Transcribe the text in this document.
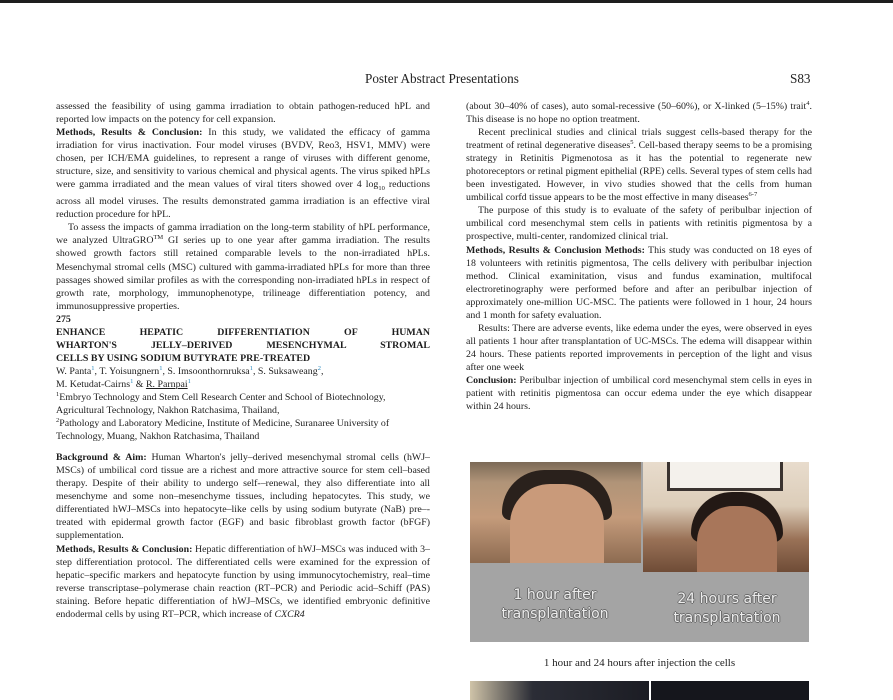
Poster Abstract Presentations	S83

assessed the feasibility of using gamma irradiation to obtain pathogen-reduced hPL and reported low impacts on the potency for cell expansion.

Methods, Results & Conclusion: In this study, we validated the efficacy of gamma irradiation for virus inactivation. Four model viruses (BVDV, Reo3, HSV1, MMV) were chosen, per ICH/EMA guidelines, to represent a range of viruses with different genome, structure, size, and sensitivity to various chemical and physical agents. The virus spiked hPLs were gamma irradiated and the mean values of viral titers showed over 4 $\log_{10}$ reductions across all model viruses. The results demonstrated gamma irradiation is an effective viral reduction procedure for hPL.

To assess the impacts of gamma irradiation on the long-term stability of hPL performance, we analyzed UltraGRO™ GI series up to one year after gamma irradiation. The results showed growth factors still retained comparable levels to the non-irradiated hPLs. Mesenchymal stromal cells (MSC) cultured with gamma-irradiated hPLs for more than three passages showed similar profiles as with the corresponding non-irradiated hPLs in respect of growth rate, morphology, immunophenotype, trilineage differentiation potency, and immunosuppressive properties.

275

ENHANCE HEPATIC DIFFERENTIATION OF HUMAN

WHARTON'S JELLY–DERIVED MESENCHYMAL STROMAL

CELLS BY USING SODIUM BUTYRATE PRE-TREATED

W. Panta$^1$, T. Yoisungnern$^1$, S. Imsoonthornruksa$^1$, S. Suksaweang$^2$,
M. Ketudat-Cairns$^1$ & R. Parnpai$^1$

$^1$Embryo Technology and Stem Cell Research Center and School of Biotechnology, Agricultural Technology, Nakhon Ratchasima, Thailand,

$^2$Pathology and Laboratory Medicine, Institute of Medicine, Suranaree University of Technology, Muang, Nakhon Ratchasima, Thailand

Background & Aim: Human Wharton's jelly–derived mesenchymal stromal cells (hWJ–MSCs) of umbilical cord tissue are a richest and more attractive source for stem cell–based therapy. Despite of their ability to undergo self-–renewal, they also differentiate into all mesenchyme and some non–mesenchyme tissues, including hepatocytes. This study, we differentiated hWJ–MSCs into hepatocyte–like cells by using sodium butyrate (NaB) pre–-treated with epidermal growth factor (EGF) and basic fibroblast growth factor (bFGF) supplementation.

Methods, Results & Conclusion: Hepatic differentiation of hWJ–MSCs was induced with 3–step differentiation protocol. The differentiated cells were examined for the expression of hepatic–specific markers and hepatocyte function by using immunocytochemistry, real–time reverse transcriptase–polymerase chain reaction (RT–PCR) and Periodic acid–Schiff (PAS) staining. Before hepatic differentiation of hWJ–MSCs, we identified embryonic definitive endodermal cells by using RT–PCR, which increase of CXCR4

(about 30–40% of cases), auto somal-recessive (50–60%), or X-linked (5–15%) trait$^4$. This disease is no hope no option treatment.

Recent preclinical studies and clinical trials suggest cells-based therapy for the treatment of retinal degenerative diseases$^5$. Cell-based therapy seems to be a promising strategy in Retinitis Pigmenotosa as it has the potential to regenerate new photoreceptors or retinal pigment epithelial (RPE) cells. Several types of stem cells had been investigated. However, in vivo studies showed that the cells from human umbilical corfd tissue appears to be the most effective in many diseases$^{6-7}$

The purpose of this study is to evaluate of the safety of peribulbar injection of umbilical cord mesenchymal stem cells in patients with retinitis pigmentosa by a prospective, multi-center, randomized clinical trial.

Methods, Results & Conclusion Methods: This study was conducted on 18 eyes of 18 volunteers with retinitis pigmentosa, The cells delivery with peribulbar injection method. Clinical examinitation, visus and fundus examination, multifocal electroretinography were performed before and after an peribulbar injection of approximately one-million UC-MSC. The patients were followed in 1 hour, 24 hours and 1 month for safety evaluation.

Results: There are adverse events, like edema under the eyes, were observed in eyes all patients 1 hour after transplantation of UC-MSCs. The edema will disappear within 24 hours. These patients reported improvements in perception of the light and visus after one week

Conclusion: Peribulbar injection of umbilical cord mesenchymal stem cells in eyes in patient with retinitis pigmentosa can occur edema under the eye which disappear within 24 hours.

1 hour after
transplantation
24 hours after
transplantation
1 hour and 24 hours after injection the cells
